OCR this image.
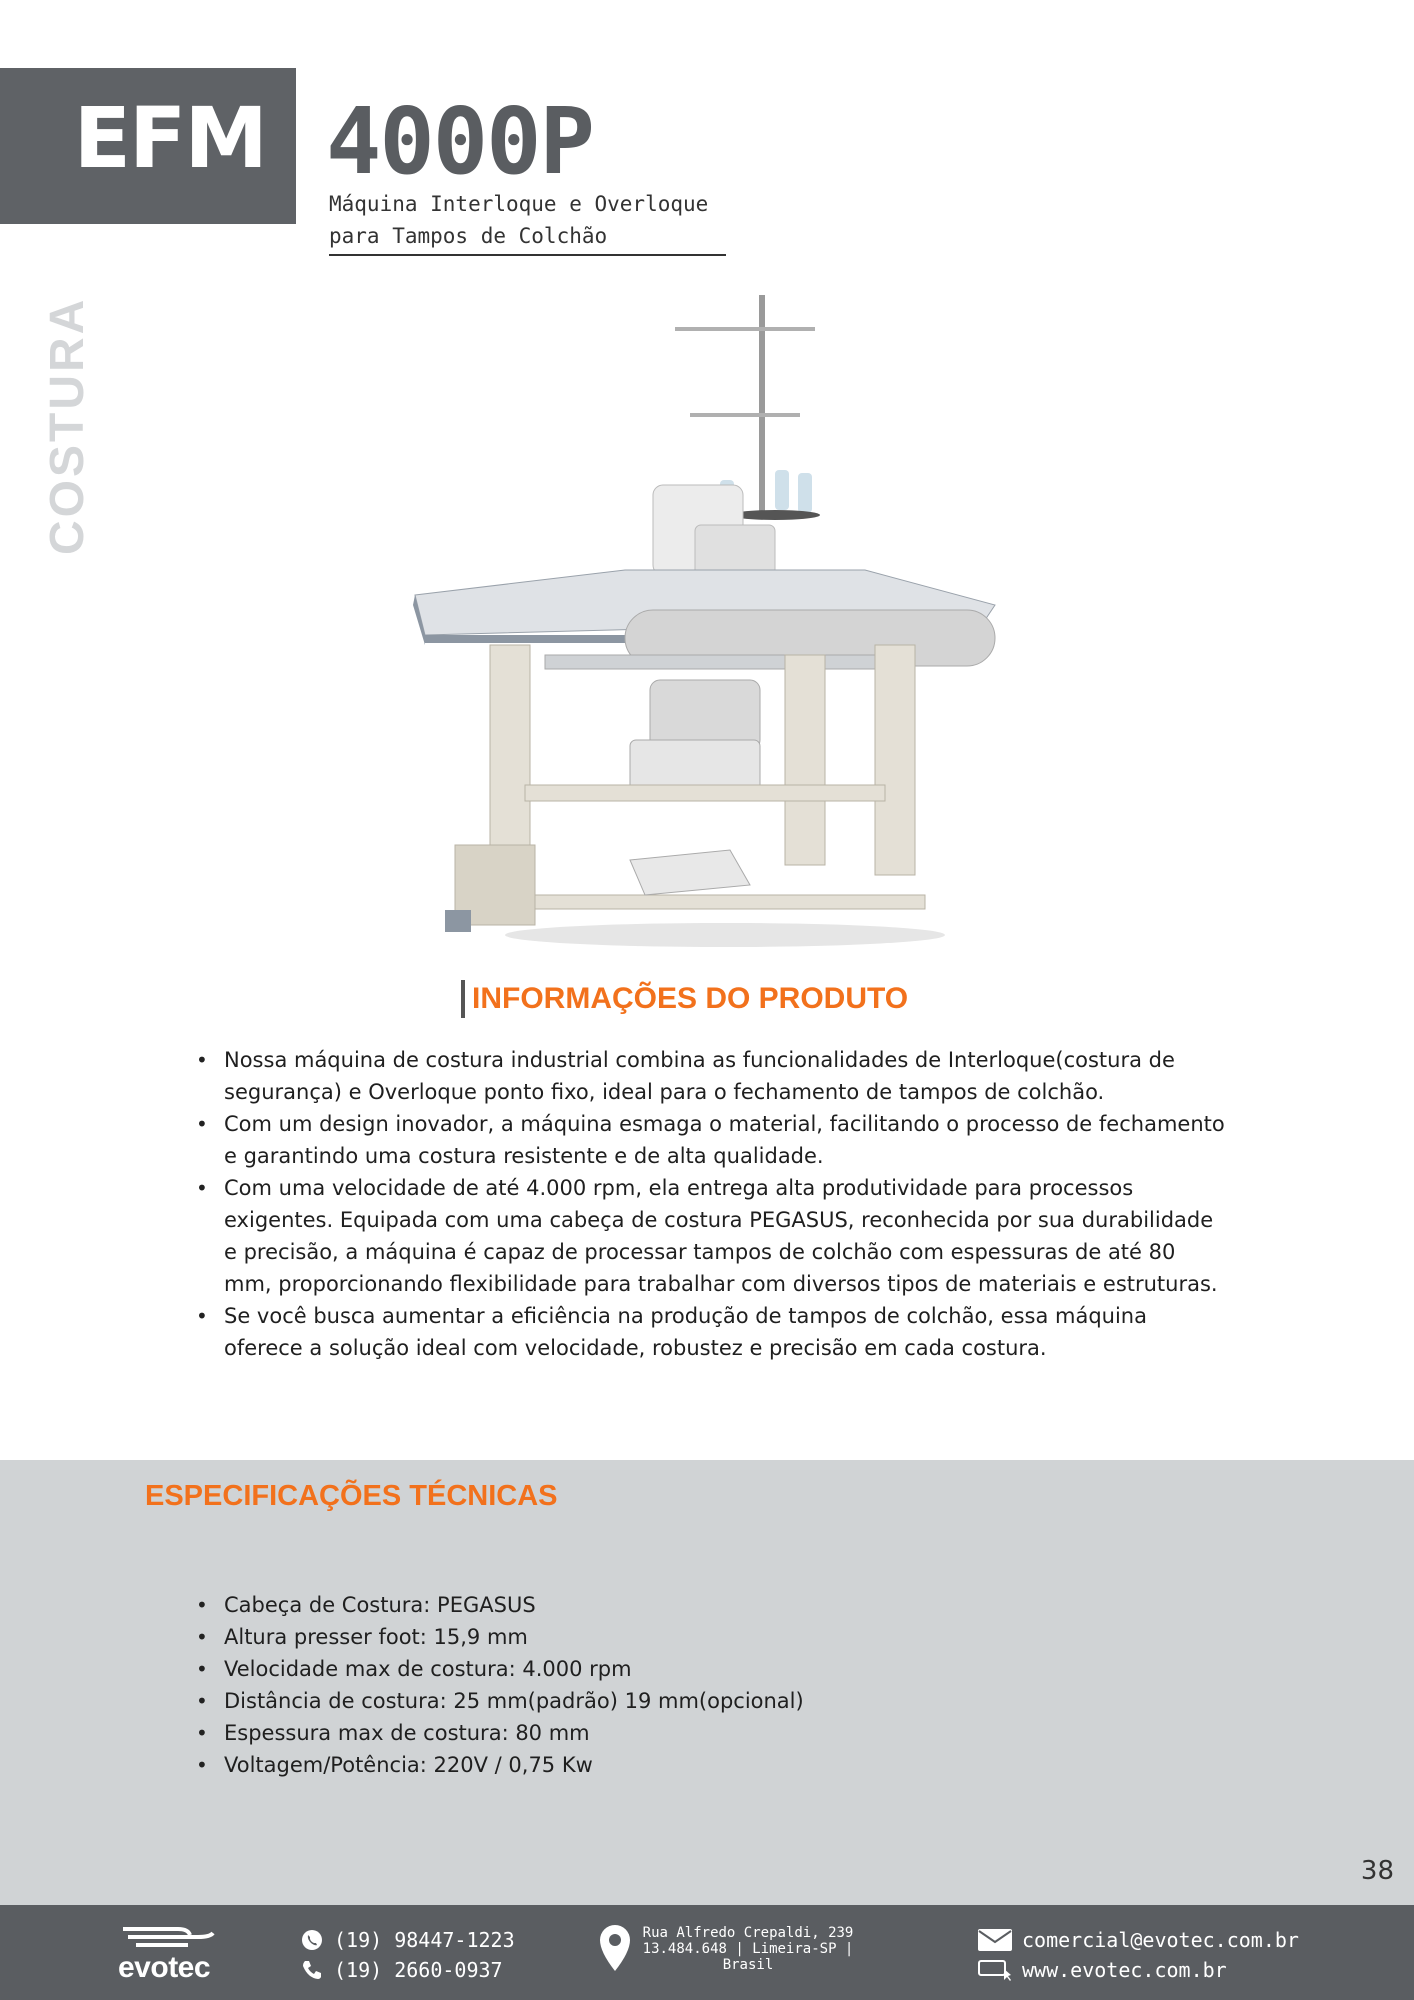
EFM 4000P
Máquina Interloque e Overloque
para Tampos de Colchão
COSTURA
INFORMAÇÕES DO PRODUTO
• Nossa máquina de costura industrial combina as funcionalidades de Interloque(costura de segurança) e Overloque ponto fixo, ideal para o fechamento de tampos de colchão.
• Com um design inovador, a máquina esmaga o material, facilitando o processo de fechamento e garantindo uma costura resistente e de alta qualidade.
• Com uma velocidade de até 4.000 rpm, ela entrega alta produtividade para processos exigentes. Equipada com uma cabeça de costura PEGASUS, reconhecida por sua durabilidade e precisão, a máquina é capaz de processar tampos de colchão com espessuras de até 80 mm, proporcionando flexibilidade para trabalhar com diversos tipos de materiais e estruturas.
• Se você busca aumentar a eficiência na produção de tampos de colchão, essa máquina oferece a solução ideal com velocidade, robustez e precisão em cada costura.
ESPECIFICAÇÕES TÉCNICAS
• Cabeça de Costura: PEGASUS
• Altura presser foot: 15,9 mm
• Velocidade max de costura: 4.000 rpm
• Distância de costura: 25 mm(padrão) 19 mm(opcional)
• Espessura max de costura: 80 mm
• Voltagem/Potência: 220V / 0,75 Kw
38
evotec
(19) 98447-1223
(19) 2660-0937
Rua Alfredo Crepaldi, 239
13.484.648 | Limeira-SP |
Brasil
comercial@evotec.com.br
www.evotec.com.br
